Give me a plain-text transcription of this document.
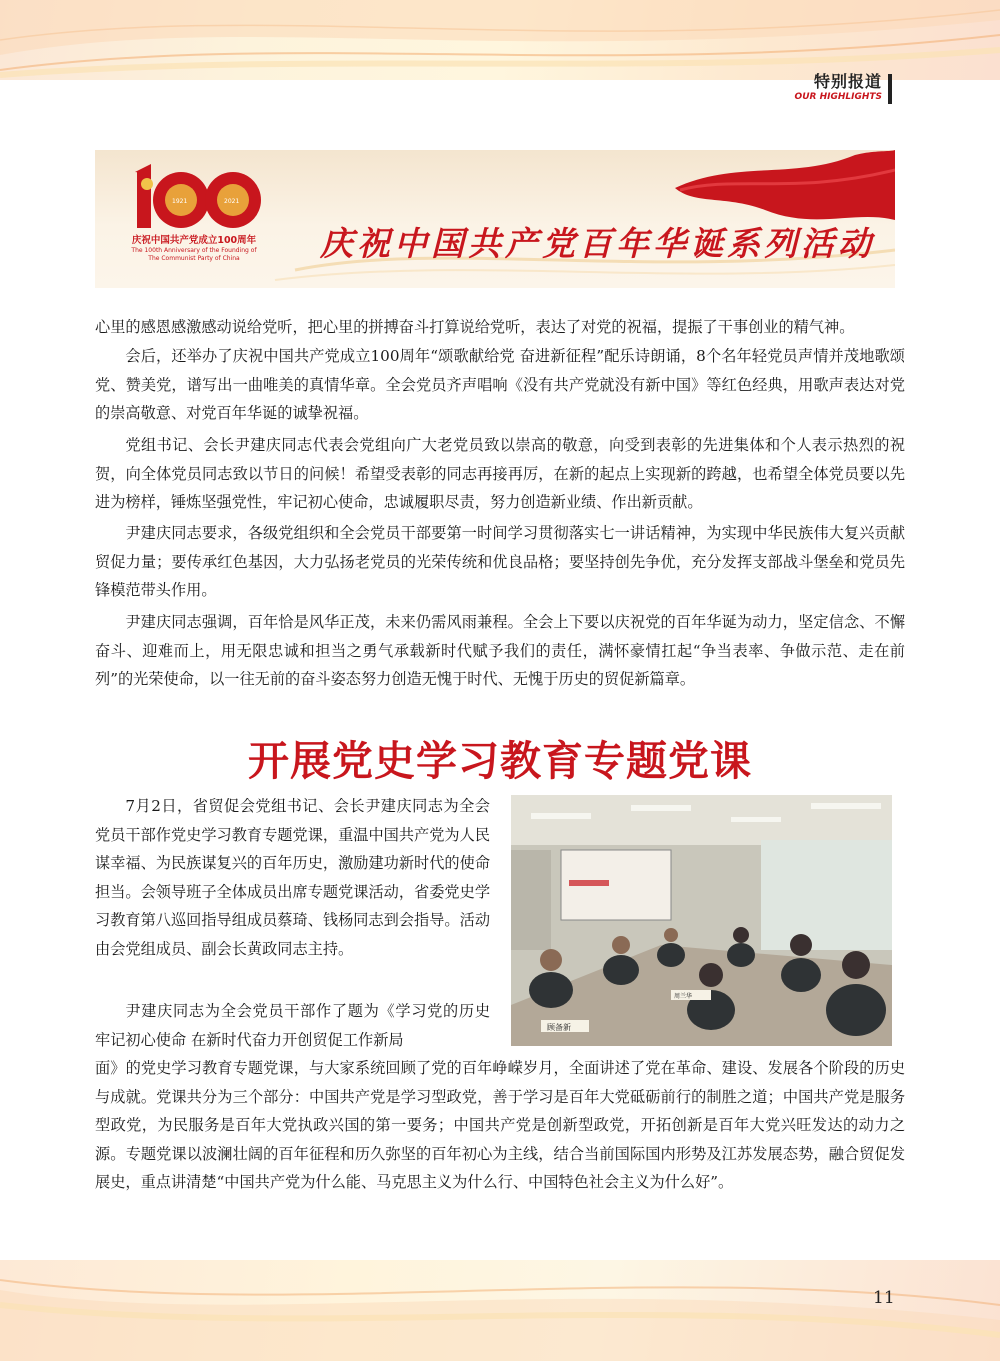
特别报道
OUR HIGHLIGHTS
1921	2021
庆祝中国共产党成立100周年
The 100th Anniversary of the Founding of
The Communist Party of China	庆祝中国共产党百年华诞系列活动

心里的感恩感激感动说给党听，把心里的拼搏奋斗打算说给党听，表达了对党的祝福，提振了干事创业的精气神。

会后，还举办了庆祝中国共产党成立100周年“颂歌献给党 奋进新征程”配乐诗朗诵，8个名年轻党员声情并茂地歌颂党、赞美党，谱写出一曲唯美的真情华章。全会党员齐声唱响《没有共产党就没有新中国》等红色经典，用歌声表达对党的崇高敬意、对党百年华诞的诚挚祝福。

党组书记、会长尹建庆同志代表会党组向广大老党员致以崇高的敬意，向受到表彰的先进集体和个人表示热烈的祝贺，向全体党员同志致以节日的问候！希望受表彰的同志再接再厉，在新的起点上实现新的跨越，也希望全体党员要以先进为榜样，锤炼坚强党性，牢记初心使命，忠诚履职尽责，努力创造新业绩、作出新贡献。

尹建庆同志要求，各级党组织和全会党员干部要第一时间学习贯彻落实七一讲话精神，为实现中华民族伟大复兴贡献贸促力量；要传承红色基因，大力弘扬老党员的光荣传统和优良品格；要坚持创先争优，充分发挥支部战斗堡垒和党员先锋模范带头作用。

尹建庆同志强调，百年恰是风华正茂，未来仍需风雨兼程。全会上下要以庆祝党的百年华诞为动力，坚定信念、不懈奋斗、迎难而上，用无限忠诚和担当之勇气承载新时代赋予我们的责任，满怀豪情扛起“争当表率、争做示范、走在前列”的光荣使命，以一往无前的奋斗姿态努力创造无愧于时代、无愧于历史的贸促新篇章。

开展党史学习教育专题党课

7月2日，省贸促会党组书记、会长尹建庆同志为全会党员干部作党史学习教育专题党课，重温中国共产党为人民谋幸福、为民族谋复兴的百年历史，激励建功新时代的使命担当。会领导班子全体成员出席专题党课活动，省委党史学习教育第八巡回指导组成员蔡琦、钱杨同志到会指导。活动由会党组成员、副会长黄政同志主持。

尹建庆同志为全会党员干部作了题为《学习党的历史 牢记初心使命 在新时代奋力开创贸促工作新局

面》的党史学习教育专题党课，与大家系统回顾了党的百年峥嵘岁月，全面讲述了党在革命、建设、发展各个阶段的历史与成就。党课共分为三个部分：中国共产党是学习型政党，善于学习是百年大党砥砺前行的制胜之道；中国共产党是服务型政党，为民服务是百年大党执政兴国的第一要务；中国共产党是创新型政党，开拓创新是百年大党兴旺发达的动力之源。专题党课以波澜壮阔的百年征程和历久弥坚的百年初心为主线，结合当前国际国内形势及江苏发展态势，融合贸促发展史，重点讲清楚“中国共产党为什么能、马克思主义为什么行、中国特色社会主义为什么好”。

顾备新
周兰华
11
